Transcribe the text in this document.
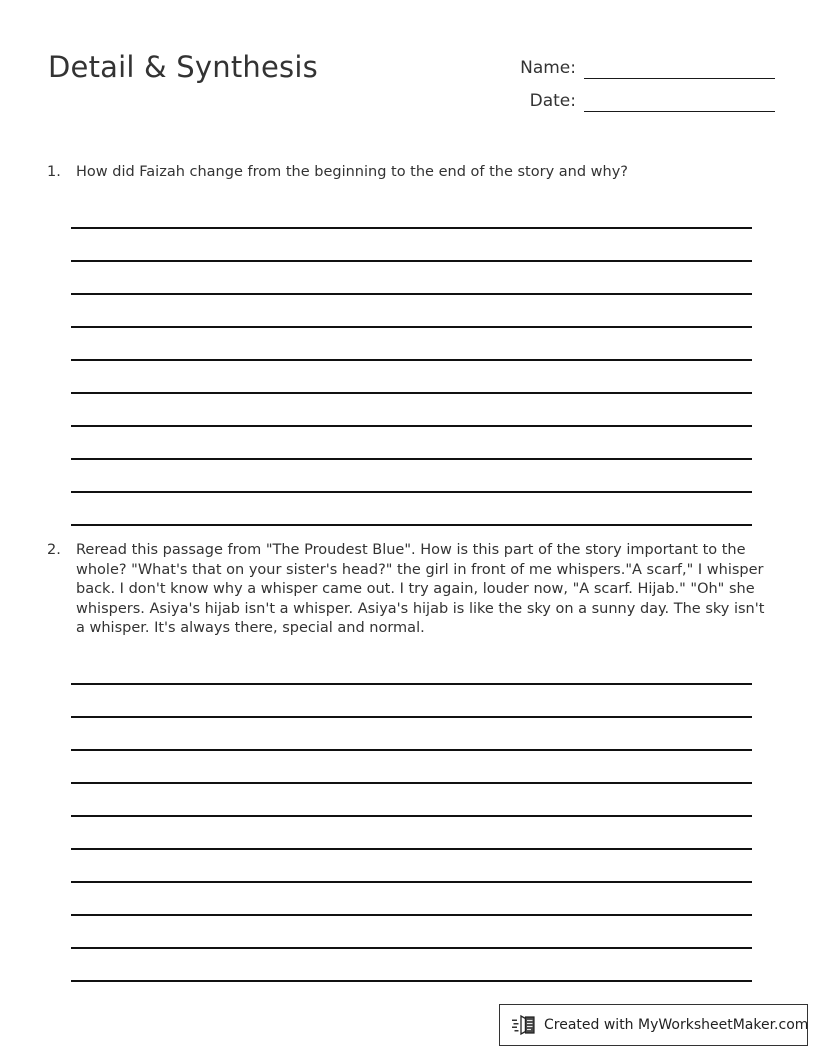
Detail & Synthesis	Name:
Date:
1.	How did Faizah change from the beginning to the end of the story and why?
2.	Reread this passage from "The Proudest Blue". How is this part of the story important to the whole? "What's that on your sister's head?" the girl in front of me whispers."A scarf," I whisper back. I don't know why a whisper came out. I try again, louder now, "A scarf. Hijab." "Oh" she whispers. Asiya's hijab isn't a whisper. Asiya's hijab is like the sky on a sunny day. The sky isn't a whisper. It's always there, special and normal.
Created with MyWorksheetMaker.com
